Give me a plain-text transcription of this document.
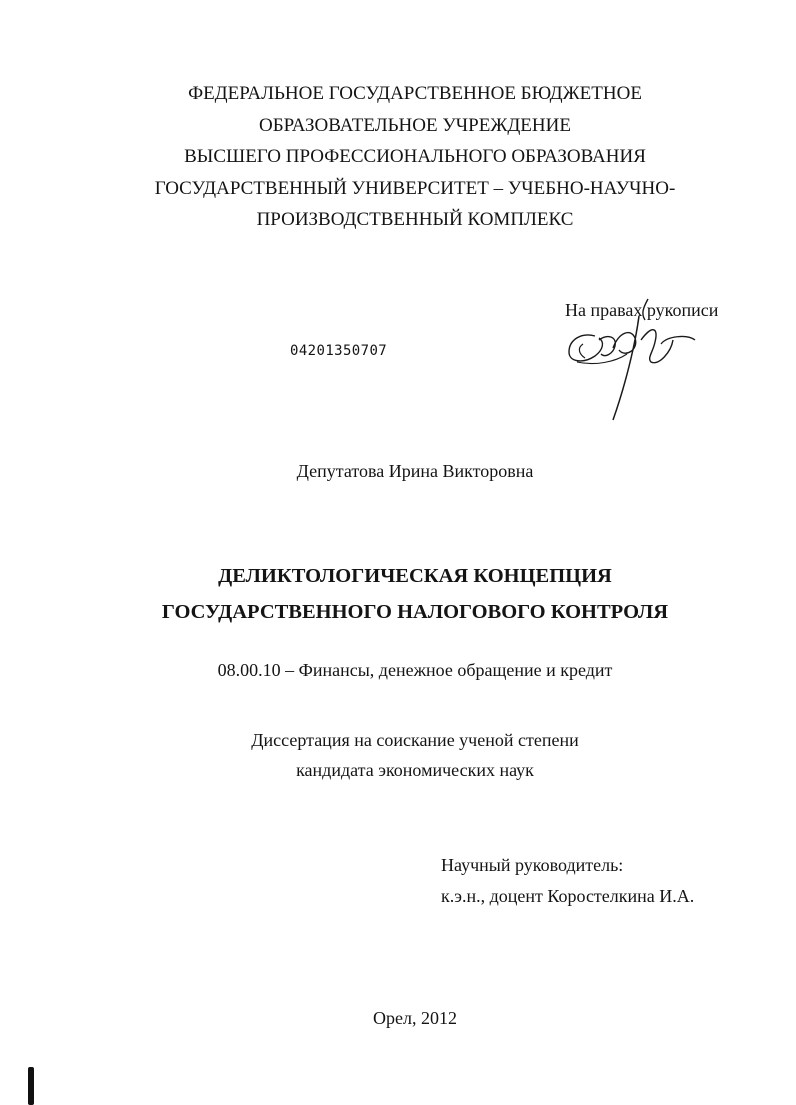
ФЕДЕРАЛЬНОЕ ГОСУДАРСТВЕННОЕ БЮДЖЕТНОЕ
ОБРАЗОВАТЕЛЬНОЕ УЧРЕЖДЕНИЕ
ВЫСШЕГО ПРОФЕССИОНАЛЬНОГО ОБРАЗОВАНИЯ
ГОСУДАРСТВЕННЫЙ УНИВЕРСИТЕТ – УЧЕБНО-НАУЧНО-
ПРОИЗВОДСТВЕННЫЙ КОМПЛЕКС
На правах рукописи
04201350707
Депутатова Ирина Викторовна
ДЕЛИКТОЛОГИЧЕСКАЯ КОНЦЕПЦИЯ
ГОСУДАРСТВЕННОГО НАЛОГОВОГО КОНТРОЛЯ
08.00.10 – Финансы, денежное обращение и кредит
Диссертация на соискание ученой степени
кандидата экономических наук
Научный руководитель:
к.э.н., доцент Коростелкина И.А.
Орел, 2012
